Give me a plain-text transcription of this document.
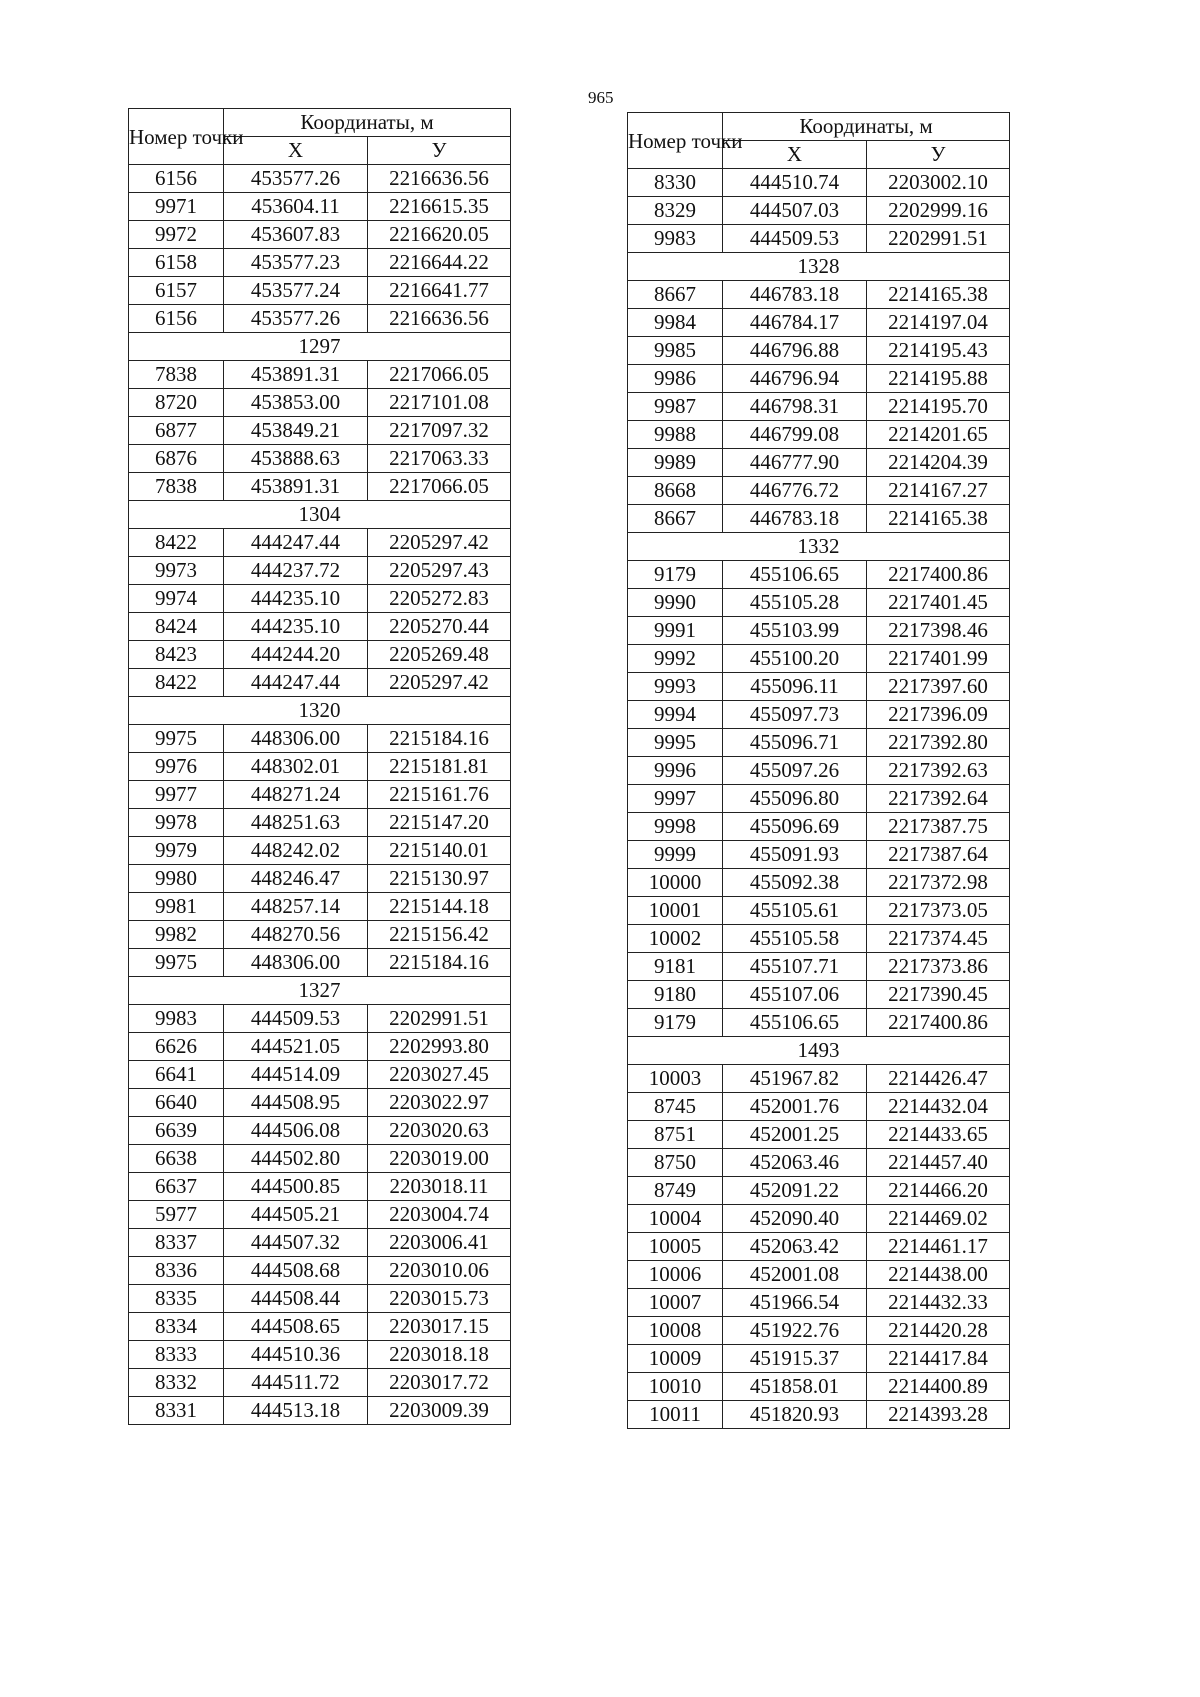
965
Номер точки	Координаты, м	
	Х	У
6156	453577.26	2216636.56
9971	453604.11	2216615.35
9972	453607.83	2216620.05
6158	453577.23	2216644.22
6157	453577.24	2216641.77
6156	453577.26	2216636.56
1297		
7838	453891.31	2217066.05
8720	453853.00	2217101.08
6877	453849.21	2217097.32
6876	453888.63	2217063.33
7838	453891.31	2217066.05
1304		
8422	444247.44	2205297.42
9973	444237.72	2205297.43
9974	444235.10	2205272.83
8424	444235.10	2205270.44
8423	444244.20	2205269.48
8422	444247.44	2205297.42
1320		
9975	448306.00	2215184.16
9976	448302.01	2215181.81
9977	448271.24	2215161.76
9978	448251.63	2215147.20
9979	448242.02	2215140.01
9980	448246.47	2215130.97
9981	448257.14	2215144.18
9982	448270.56	2215156.42
9975	448306.00	2215184.16
1327		
9983	444509.53	2202991.51
6626	444521.05	2202993.80
6641	444514.09	2203027.45
6640	444508.95	2203022.97
6639	444506.08	2203020.63
6638	444502.80	2203019.00
6637	444500.85	2203018.11
5977	444505.21	2203004.74
8337	444507.32	2203006.41
8336	444508.68	2203010.06
8335	444508.44	2203015.73
8334	444508.65	2203017.15
8333	444510.36	2203018.18
8332	444511.72	2203017.72
8331	444513.18	2203009.39
Номер точки	Координаты, м	
	Х	У
8330	444510.74	2203002.10
8329	444507.03	2202999.16
9983	444509.53	2202991.51
1328		
8667	446783.18	2214165.38
9984	446784.17	2214197.04
9985	446796.88	2214195.43
9986	446796.94	2214195.88
9987	446798.31	2214195.70
9988	446799.08	2214201.65
9989	446777.90	2214204.39
8668	446776.72	2214167.27
8667	446783.18	2214165.38
1332		
9179	455106.65	2217400.86
9990	455105.28	2217401.45
9991	455103.99	2217398.46
9992	455100.20	2217401.99
9993	455096.11	2217397.60
9994	455097.73	2217396.09
9995	455096.71	2217392.80
9996	455097.26	2217392.63
9997	455096.80	2217392.64
9998	455096.69	2217387.75
9999	455091.93	2217387.64
10000	455092.38	2217372.98
10001	455105.61	2217373.05
10002	455105.58	2217374.45
9181	455107.71	2217373.86
9180	455107.06	2217390.45
9179	455106.65	2217400.86
1493		
10003	451967.82	2214426.47
8745	452001.76	2214432.04
8751	452001.25	2214433.65
8750	452063.46	2214457.40
8749	452091.22	2214466.20
10004	452090.40	2214469.02
10005	452063.42	2214461.17
10006	452001.08	2214438.00
10007	451966.54	2214432.33
10008	451922.76	2214420.28
10009	451915.37	2214417.84
10010	451858.01	2214400.89
10011	451820.93	2214393.28
